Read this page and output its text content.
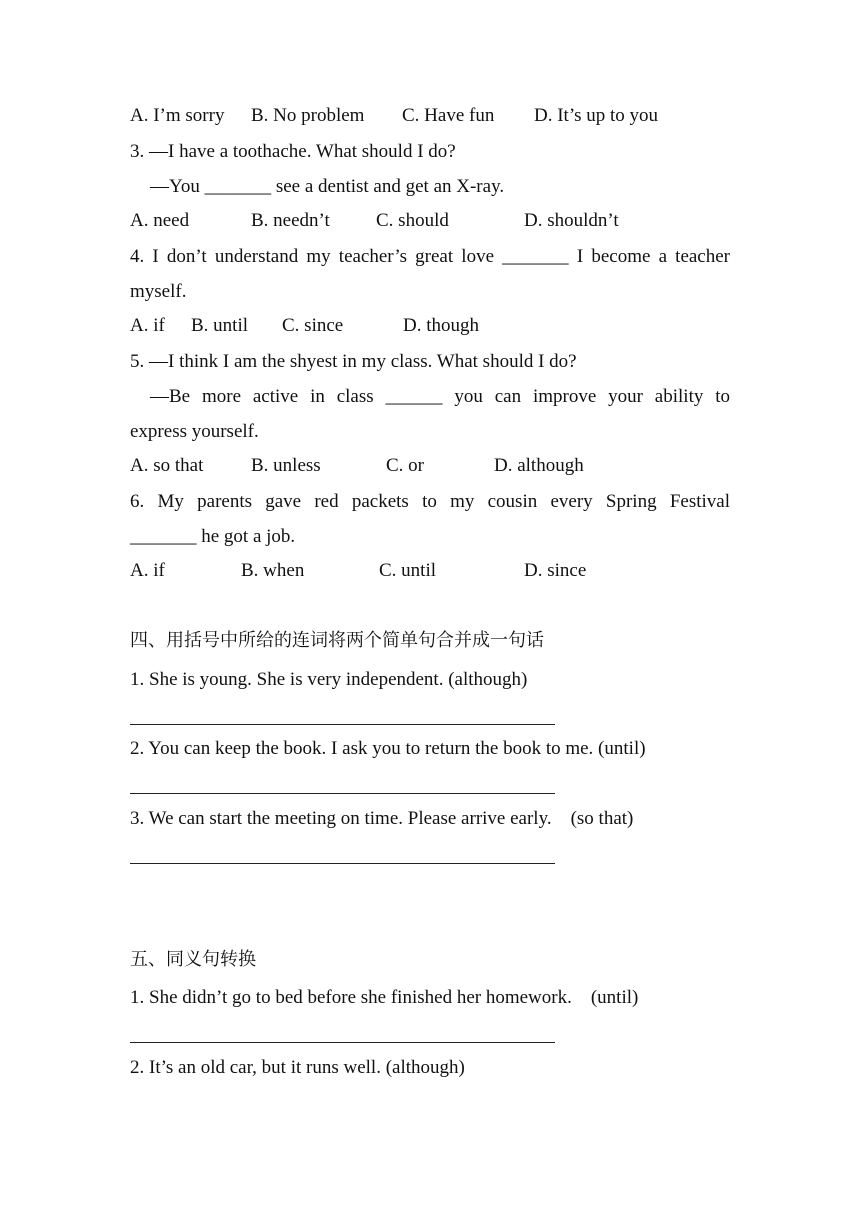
A. I’m sorry B. No problem C. Have fun D. It’s up to you
3. —I have a toothache. What should I do?
—You _______ see a dentist and get an X-ray.
A. need	B. needn’t C. should	D. shouldn’t
4. I don’t understand my teacher’s great love _______ I become a teacher
myself.
A. if B. until C. since	D. though
5. —I think I am the shyest in my class. What should I do?
—Be more active in class ______ you can improve your ability to
express yourself.
A. so that	B. unless	C. or	D. although
6. My parents gave red packets to my cousin every Spring Festival
_______ he got a job.
A. if	B. when	C. until	D. since
四、用括号中所给的连词将两个简单句合并成一句话
1. She is young. She is very independent. (although)
2. You can keep the book. I ask you to return the book to me. (until)
3. We can start the meeting on time. Please arrive early.    (so that)
五、同义句转换
1. She didn’t go to bed before she finished her homework.    (until)
2. It’s an old car, but it runs well. (although)
